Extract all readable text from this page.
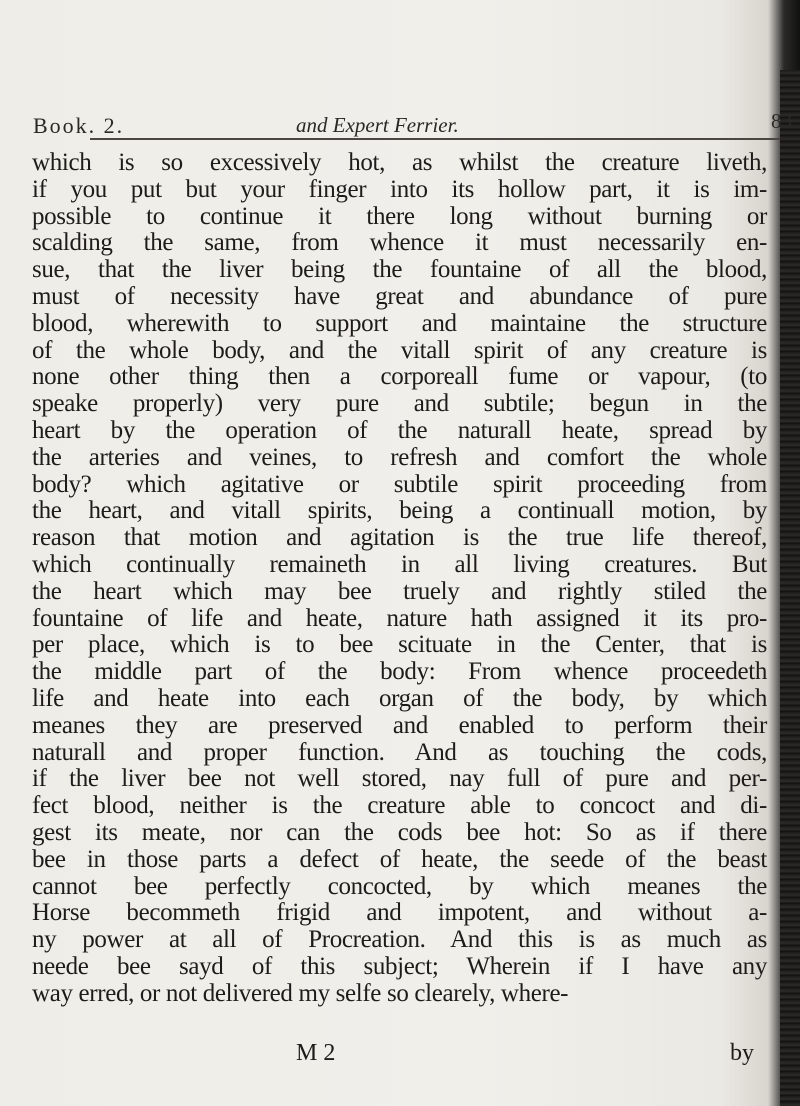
Book. 2.	and Expert Ferrier.	83
which is so excessively hot, as whilst the creature liveth,
if you put but your finger into its hollow part, it is im-
possible to continue it there long without burning or
scalding the same, from whence it must necessarily en-
sue, that the liver being the fountaine of all the blood,
must of necessity have great and abundance of pure
blood, wherewith to support and maintaine the structure
of the whole body, and the vitall spirit of any creature is
none other thing then a corporeall fume or vapour, (to
speake properly) very pure and subtile; begun in the
heart by the operation of the naturall heate, spread by
the arteries and veines, to refresh and comfort the whole
body? which agitative or subtile spirit proceeding from
the heart, and vitall spirits, being a continuall motion, by
reason that motion and agitation is the true life thereof,
which continually remaineth in all living creatures. But
the heart which may bee truely and rightly stiled the
fountaine of life and heate, nature hath assigned it its pro-
per place, which is to bee scituate in the Center, that is
the middle part of the body: From whence proceedeth
life and heate into each organ of the body, by which
meanes they are preserved and enabled to perform their
naturall and proper function. And as touching the cods,
if the liver bee not well stored, nay full of pure and per-
fect blood, neither is the creature able to concoct and di-
gest its meate, nor can the cods bee hot: So as if there
bee in those parts a defect of heate, the seede of the beast
cannot bee perfectly concocted, by which meanes the
Horse becommeth frigid and impotent, and without a-
ny power at all of Procreation. And this is as much as
neede bee sayd of this subject; Wherein if I have any
way erred, or not delivered my selfe so clearely, where-
M 2	by
